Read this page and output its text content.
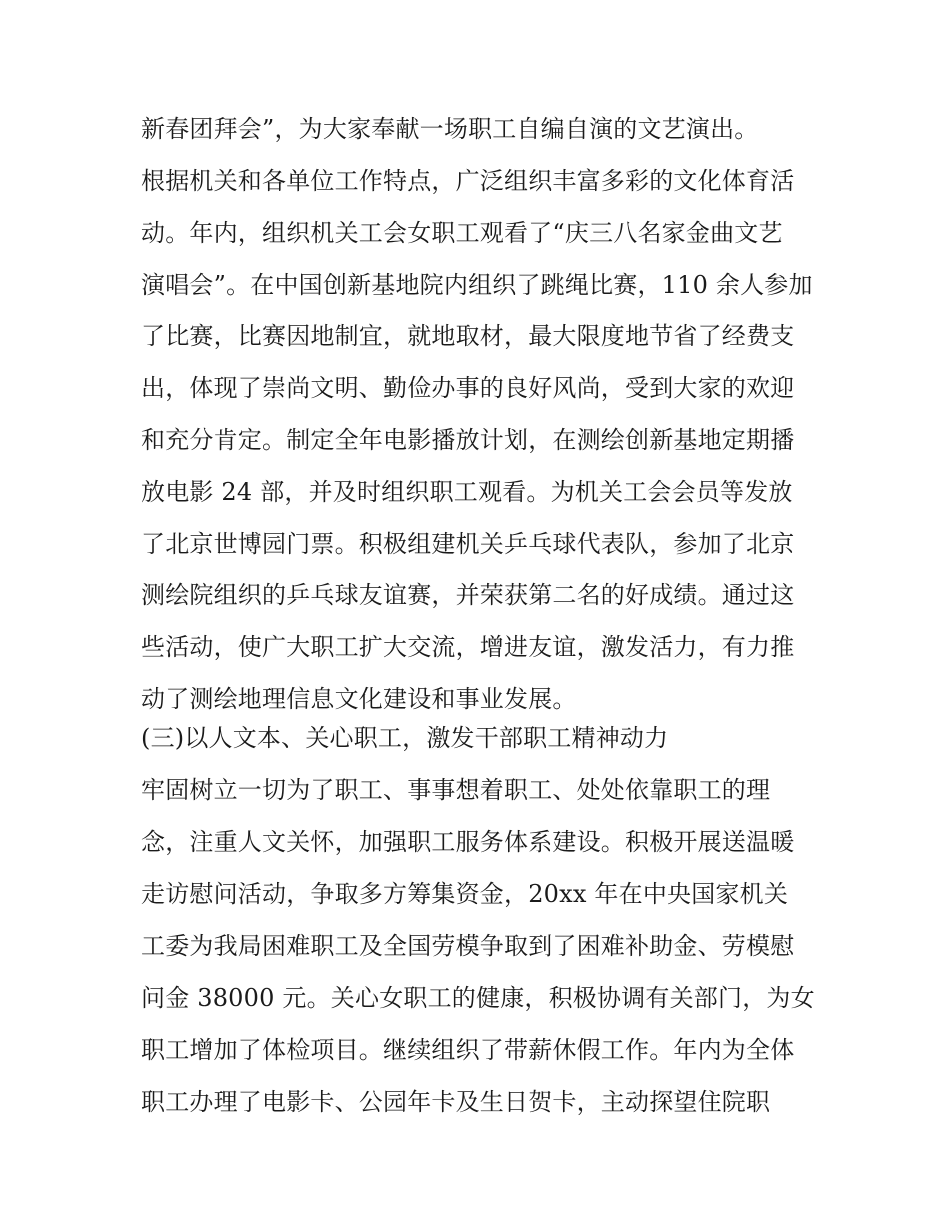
新春团拜会”，为大家奉献一场职工自编自演的文艺演出。
根据机关和各单位工作特点，广泛组织丰富多彩的文化体育活
动。年内，组织机关工会女职工观看了“庆三八名家金曲文艺
演唱会”。在中国创新基地院内组织了跳绳比赛，110 余人参加
了比赛，比赛因地制宜，就地取材，最大限度地节省了经费支
出，体现了崇尚文明、勤俭办事的良好风尚，受到大家的欢迎
和充分肯定。制定全年电影播放计划，在测绘创新基地定期播
放电影 24 部，并及时组织职工观看。为机关工会会员等发放
了北京世博园门票。积极组建机关乒乓球代表队，参加了北京
测绘院组织的乒乓球友谊赛，并荣获第二名的好成绩。通过这
些活动，使广大职工扩大交流，增进友谊，激发活力，有力推
动了测绘地理信息文化建设和事业发展。
(三)以人文本、关心职工，激发干部职工精神动力
牢固树立一切为了职工、事事想着职工、处处依靠职工的理
念，注重人文关怀，加强职工服务体系建设。积极开展送温暖
走访慰问活动，争取多方筹集资金，20xx 年在中央国家机关
工委为我局困难职工及全国劳模争取到了困难补助金、劳模慰
问金 38000 元。关心女职工的健康，积极协调有关部门，为女
职工增加了体检项目。继续组织了带薪休假工作。年内为全体
职工办理了电影卡、公园年卡及生日贺卡，主动探望住院职
